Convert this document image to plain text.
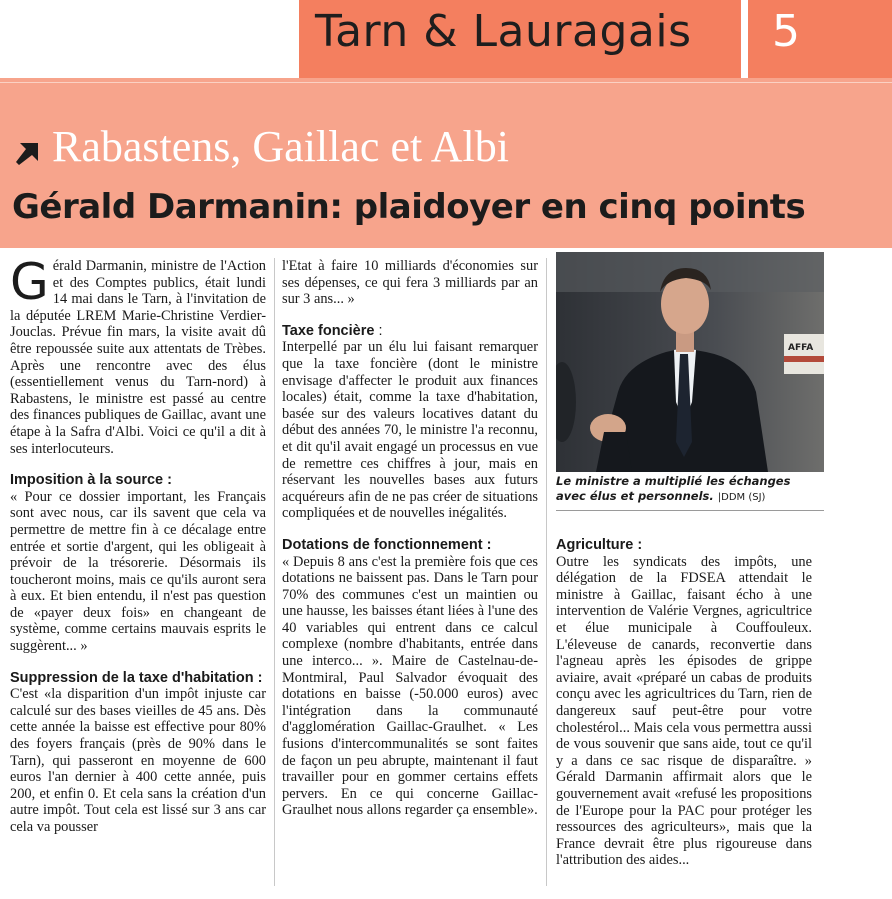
Tarn & Lauragais 5
Rabastens, Gaillac et Albi
Gérald Darmanin: plaidoyer en cinq points

Gérald Darmanin, ministre de l'Action et des Comptes publics, était lundi 14 mai dans le Tarn, à l'invitation de la députée LREM Marie-Christine Verdier-Jouclas. Prévue fin mars, la visite avait dû être repoussée suite aux attentats de Trèbes. Après une rencontre avec des élus (essentiellement venus du Tarn-nord) à Rabastens, le ministre est passé au centre des finances publiques de Gaillac, avant une étape à la Safra d'Albi. Voici ce qu'il a dit à ses interlocuteurs.

Imposition à la source :

« Pour ce dossier important, les Français sont avec nous, car ils savent que cela va permettre de mettre fin à ce décalage entre entrée et sortie d'argent, qui les obligeait à prévoir de la trésorerie. Désormais ils toucheront moins, mais ce qu'ils auront sera à eux. Et bien entendu, il n'est pas question de «payer deux fois» en changeant de système, comme certains mauvais esprits le suggèrent... »

Suppression de la taxe d'habitation :

C'est «la disparition d'un impôt injuste car calculé sur des bases vieilles de 45 ans. Dès cette année la baisse est effective pour 80% des foyers français (près de 90% dans le Tarn), qui passeront en moyenne de 600 euros l'an dernier à 400 cette année, puis 200, et enfin 0. Et cela sans la création d'un autre impôt. Tout cela est lissé sur 3 ans car cela va pousser

l'Etat à faire 10 milliards d'économies sur ses dépenses, ce qui fera 3 milliards par an sur 3 ans... »

Taxe foncière :

Interpellé par un élu lui faisant remarquer que la taxe foncière (dont le ministre envisage d'affecter le produit aux finances locales) était, comme la taxe d'habitation, basée sur des valeurs locatives datant du début des années 70, le ministre l'a reconnu, et dit qu'il avait engagé un processus en vue de remettre ces chiffres à jour, mais en réservant les nouvelles bases aux futurs acquéreurs afin de ne pas créer de situations compliquées et de nouvelles inégalités.

Dotations de fonctionnement :

« Depuis 8 ans c'est la première fois que ces dotations ne baissent pas. Dans le Tarn pour 70% des communes c'est un maintien ou une hausse, les baisses étant liées à l'une des 40 variables qui entrent dans ce calcul complexe (nombre d'habitants, entrée dans une interco... ». Maire de Castelnau-de-Montmiral, Paul Salvador évoquait des dotations en baisse (-50.000 euros) avec l'intégration dans la communauté d'agglomération Gaillac-Graulhet. « Les fusions d'intercommunalités se sont faites de façon un peu abrupte, maintenant il faut travailler pour en gommer certains effets pervers. En ce qui concerne Gaillac-Graulhet nous allons regarder ça ensemble».

AFFA
Le ministre a multiplié les échanges avec élus et personnels. |DDM (SJ)
Agriculture :

Outre les syndicats des impôts, une délégation de la FDSEA attendait le ministre à Gaillac, faisant écho à une intervention de Valérie Vergnes, agricultrice et élue municipale à Couffouleux. L'éleveuse de canards, reconvertie dans l'agneau après les épisodes de grippe aviaire, avait «préparé un cabas de produits conçu avec les agricultrices du Tarn, rien de dangereux sauf peut-être pour votre cholestérol... Mais cela vous permettra aussi de vous souvenir que sans aide, tout ce qu'il y a dans ce sac risque de disparaître. » Gérald Darmanin affirmait alors que le gouvernement avait «refusé les propositions de l'Europe pour la PAC pour protéger les ressources des agriculteurs», mais que la France devrait être plus rigoureuse dans l'attribution des aides...
